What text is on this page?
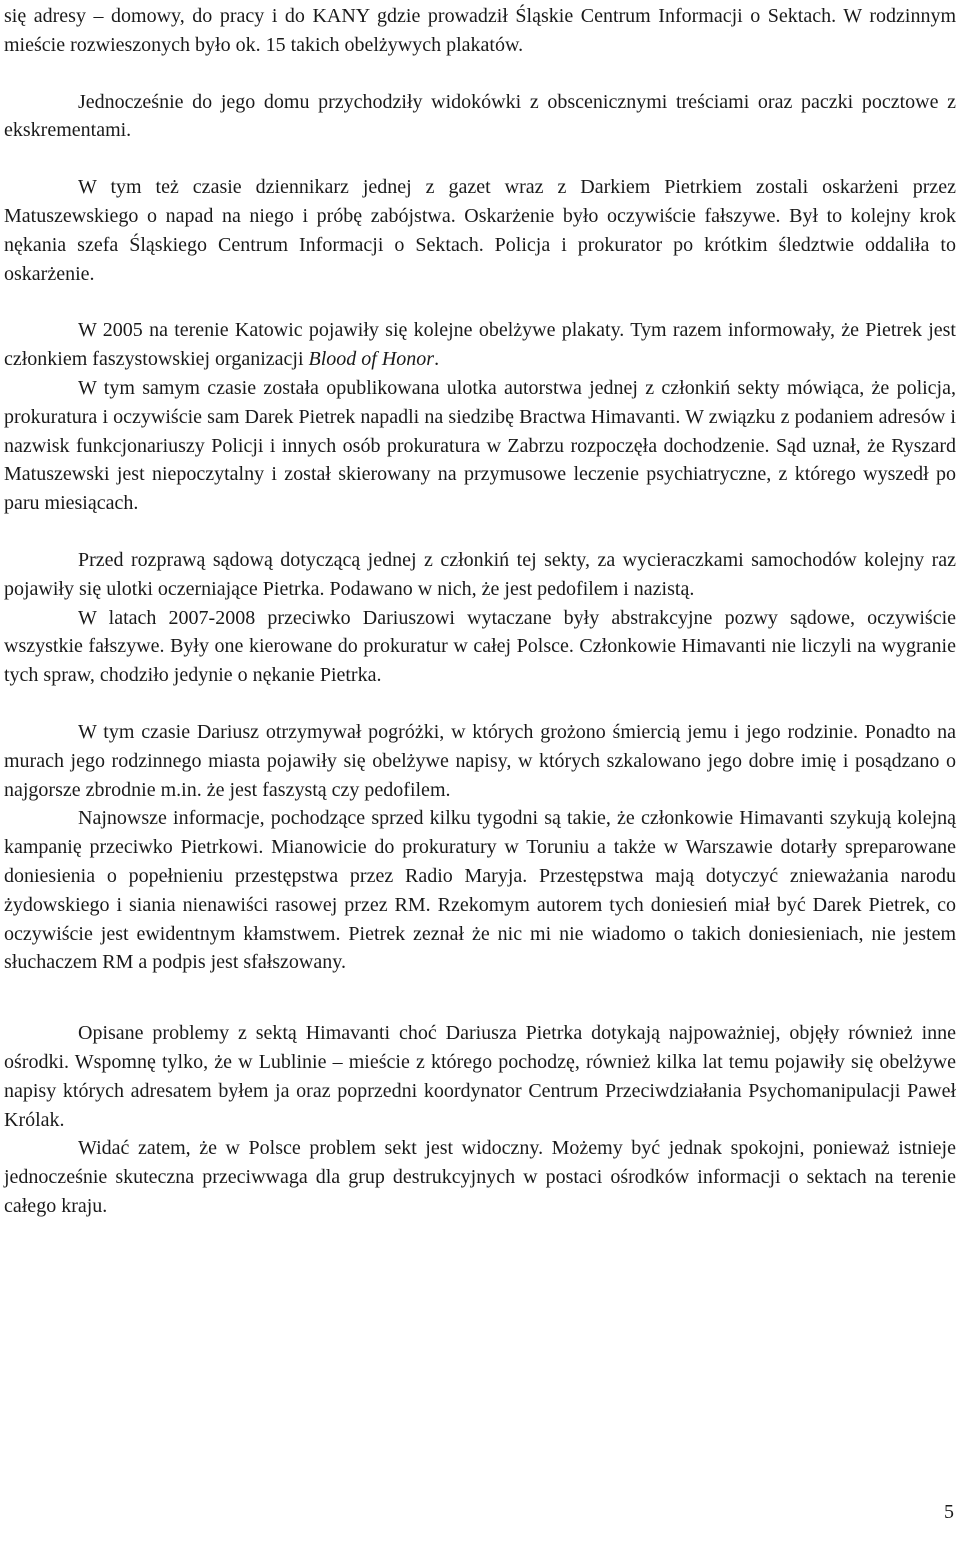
się adresy – domowy, do pracy i do KANY gdzie prowadził Śląskie Centrum Informacji o Sektach. W rodzinnym mieście rozwieszonych było ok. 15 takich obelżywych plakatów.

Jednocześnie do jego domu przychodziły widokówki z obscenicznymi treściami oraz paczki pocztowe z ekskrementami.

W tym też czasie dziennikarz jednej z gazet wraz z Darkiem Pietrkiem zostali oskarżeni przez Matuszewskiego o napad na niego i próbę zabójstwa. Oskarżenie było oczywiście fałszywe. Był to kolejny krok nękania szefa Śląskiego Centrum Informacji o Sektach. Policja i prokurator po krótkim śledztwie oddaliła to oskarżenie.

W 2005 na terenie Katowic pojawiły się kolejne obelżywe plakaty. Tym razem informowały, że Pietrek jest członkiem faszystowskiej organizacji Blood of Honor.

W tym samym czasie została opublikowana ulotka autorstwa jednej z członkiń sekty mówiąca, że policja, prokuratura i oczywiście sam Darek Pietrek napadli na siedzibę Bractwa Himavanti. W związku z podaniem adresów i nazwisk funkcjonariuszy Policji i innych osób prokuratura w Zabrzu rozpoczęła dochodzenie. Sąd uznał, że Ryszard Matuszewski jest niepoczytalny i został skierowany na przymusowe leczenie psychiatryczne, z którego wyszedł po paru miesiącach.

Przed rozprawą sądową dotyczącą jednej z członkiń tej sekty, za wycieraczkami samochodów kolejny raz pojawiły się ulotki oczerniające Pietrka. Podawano w nich, że jest pedofilem i nazistą.

W latach 2007-2008 przeciwko Dariuszowi wytaczane były abstrakcyjne pozwy sądowe, oczywiście wszystkie fałszywe. Były one kierowane do prokuratur w całej Polsce. Członkowie Himavanti nie liczyli na wygranie tych spraw, chodziło jedynie o nękanie Pietrka.

W tym czasie Dariusz otrzymywał pogróżki, w których grożono śmiercią jemu i jego rodzinie. Ponadto na murach jego rodzinnego miasta pojawiły się obelżywe napisy, w których szkalowano jego dobre imię i posądzano o najgorsze zbrodnie m.in. że jest faszystą czy pedofilem.

Najnowsze informacje, pochodzące sprzed kilku tygodni są takie, że członkowie Himavanti szykują kolejną kampanię przeciwko Pietrkowi. Mianowicie do prokuratury w Toruniu a także w Warszawie dotarły spreparowane doniesienia o popełnieniu przestępstwa przez Radio Maryja. Przestępstwa mają dotyczyć znieważania narodu żydowskiego i siania nienawiści rasowej przez RM. Rzekomym autorem tych doniesień miał być Darek Pietrek, co oczywiście jest ewidentnym kłamstwem. Pietrek zeznał że nic mi nie wiadomo o takich doniesieniach, nie jestem słuchaczem RM a podpis jest sfałszowany.

Opisane problemy z sektą Himavanti choć Dariusza Pietrka dotykają najpoważniej, objęły również inne ośrodki. Wspomnę tylko, że w Lublinie – mieście z którego pochodzę, również kilka lat temu pojawiły się obelżywe napisy których adresatem byłem ja oraz poprzedni koordynator Centrum Przeciwdziałania Psychomanipulacji Paweł Królak.

Widać zatem, że w Polsce problem sekt jest widoczny. Możemy być jednak spokojni, ponieważ istnieje jednocześnie skuteczna przeciwwaga dla grup destrukcyjnych w postaci ośrodków informacji o sektach na terenie całego kraju.

5
